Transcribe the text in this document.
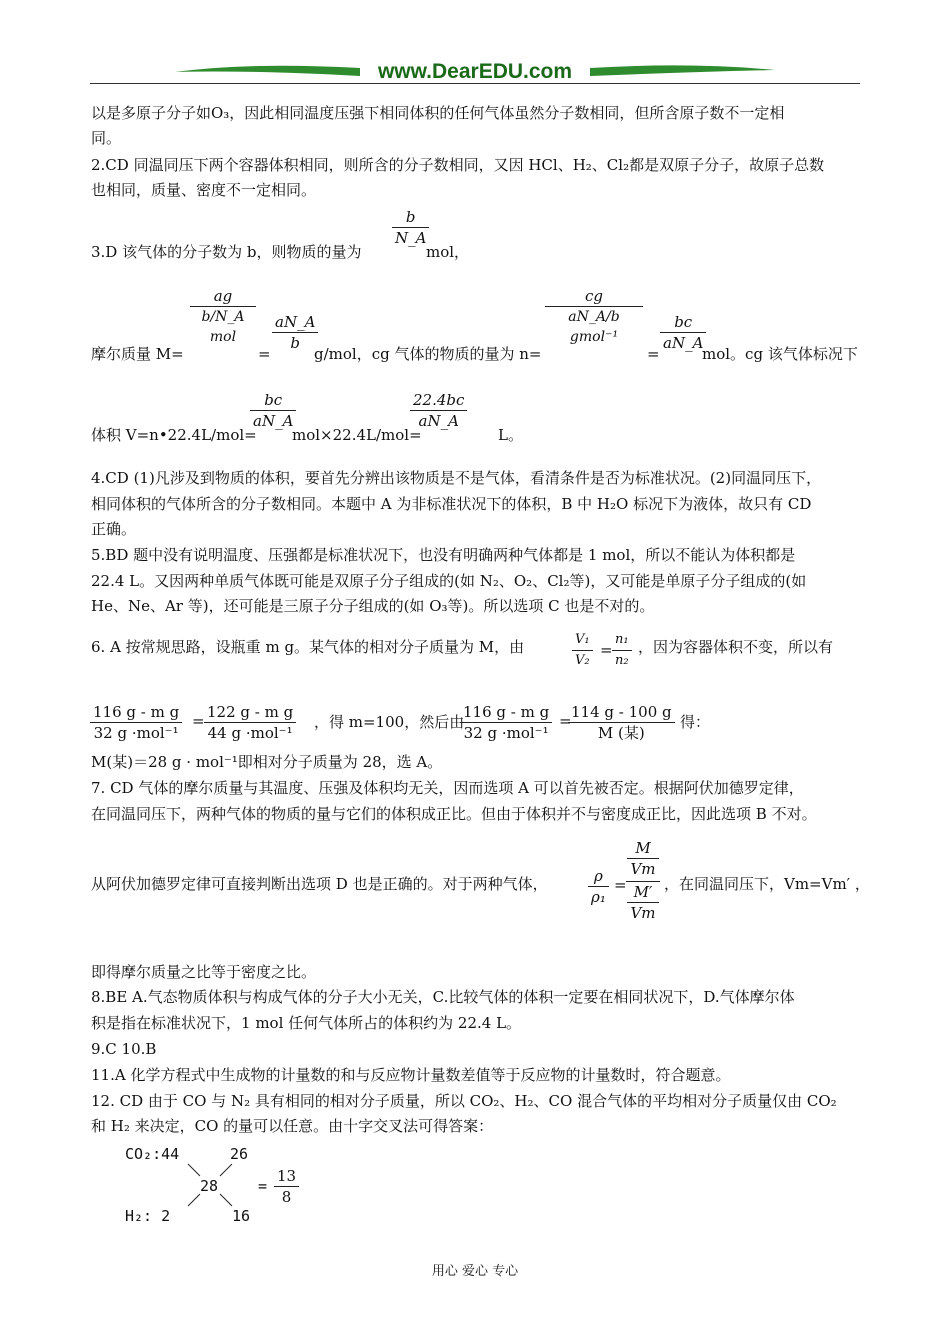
www.DearEDU.com
以是多原子分子如O₃，因此相同温度压强下相同体积的任何气体虽然分子数相同，但所含原子数不一定相
同。
2.CD 同温同压下两个容器体积相同，则所含的分子数相同，又因 HCl、H₂、Cl₂都是双原子分子，故原子总数
也相同，质量、密度不一定相同。
3.D 该气体的分子数为 b，则物质的量为
$\frac{b}{N\_A}$
mol，
摩尔质量 M=
ag
b/N_A mol
=
$\frac{aN\_A}{b}$
g/mol，cg 气体的物质的量为 n=
cg
aN_A/b gmol⁻¹
=
$\frac{bc}{aN\_A}$
mol。cg 该气体标况下
体积 V=n•22.4L/mol=
$\frac{bc}{aN\_A}$
mol×22.4L/mol=
$\frac{22.4bc}{aN\_A}$
L。
4.CD (1)凡涉及到物质的体积，要首先分辨出该物质是不是气体，看清条件是否为标准状况。(2)同温同压下，
相同体积的气体所含的分子数相同。本题中 A 为非标准状况下的体积，B 中 H₂O 标况下为液体，故只有 CD
正确。
5.BD 题中没有说明温度、压强都是标准状况下，也没有明确两种气体都是 1 mol，所以不能认为体积都是
22.4 L。又因两种单质气体既可能是双原子分子组成的(如 N₂、O₂、Cl₂等)，又可能是单原子分子组成的(如
He、Ne、Ar 等)，还可能是三原子分子组成的(如 O₃等)。所以选项 C 也是不对的。
6. A 按常规思路，设瓶重 m g。某气体的相对分子质量为 M，由	$\frac{\text{V₁}}{\text{V₂}} = \frac{\text{n₁}}{\text{n₂}}$ ，因为容器体积不变，所以有
$\frac{\text{116 g - m g}}{\text{32 g ·mol⁻¹}} = \frac{\text{122 g - m g}}{\text{44 g ·mol⁻¹}}$ ，得 m=100，然后由
$\frac{\text{116 g - m g}}{\text{32 g ·mol⁻¹}}$ =
$\frac{114 g - 100 g}{\text{M (某)}}$ 得：
M(某)＝28 g · mol⁻¹即相对分子质量为 28，选 A。
7. CD 气体的摩尔质量与其温度、压强及体积均无关，因而选项 A 可以首先被否定。根据阿伏加德罗定律，
在同温同压下，两种气体的物质的量与它们的体积成正比。但由于体积并不与密度成正比，因此选项 B 不对。
从阿伏加德罗定律可直接判断出选项 D 也是正确的。对于两种气体，	$\frac{\rho}{\text{ρ₁}}$ =
$\frac{M}{Vm}$
$\frac{M'}{Vm}$ ，在同温同压下，Vm=Vm′ ，
即得摩尔质量之比等于密度之比。
8.BE A.气态物质体积与构成气体的分子大小无关，C.比较气体的体积一定要在相同状况下，D.气体摩尔体
积是指在标准状况下，1 mol 任何气体所占的体积约为 22.4 L。
9.C 10.B
11.A 化学方程式中生成物的计量数的和与反应物计量数差值等于反应物的计量数时，符合题意。
12. CD 由于 CO 与 N₂ 具有相同的相对分子质量，所以 CO₂、H₂、CO 混合气体的平均相对分子质量仅由 CO₂
和 H₂ 来决定，CO 的量可以任意。由十字交叉法可得答案：
CO₂:44	26
28
H₂: 2	16
= $\frac{13}{8}$
用心 爱心 专心
